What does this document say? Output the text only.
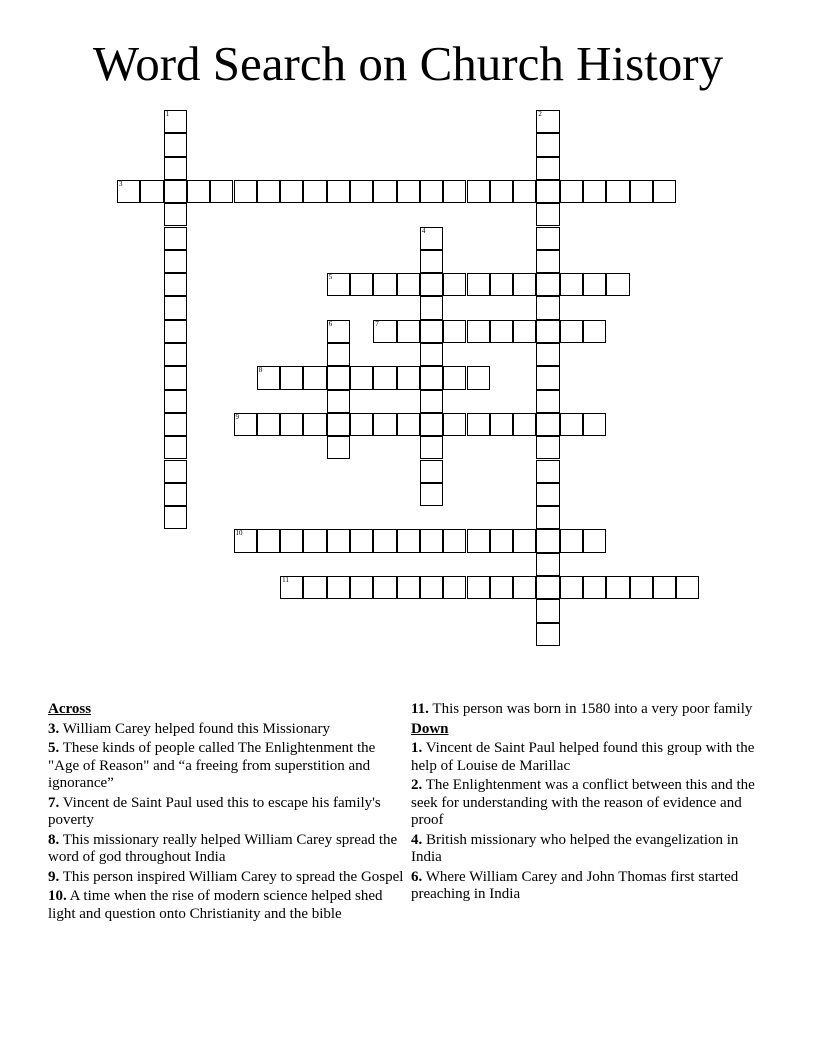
Word Search on Church History
1	2
3
4
5
6	7
8
9
10
11
Across
3. William Carey helped found this Missionary
5. These kinds of people called The Enlightenment the "Age of Reason" and “a freeing from superstition and ignorance”
7. Vincent de Saint Paul used this to escape his family's poverty
8. This missionary really helped William Carey spread the word of god throughout India
9. This person inspired William Carey to spread the Gospel
10. A time when the rise of modern science helped shed light and question onto Christianity and the bible
11. This person was born in 1580 into a very poor family
Down
1. Vincent de Saint Paul helped found this group with the help of Louise de Marillac
2. The Enlightenment was a conflict between this and the seek for understanding with the reason of evidence and proof
4. British missionary who helped the evangelization in India
6. Where William Carey and John Thomas first started preaching in India
